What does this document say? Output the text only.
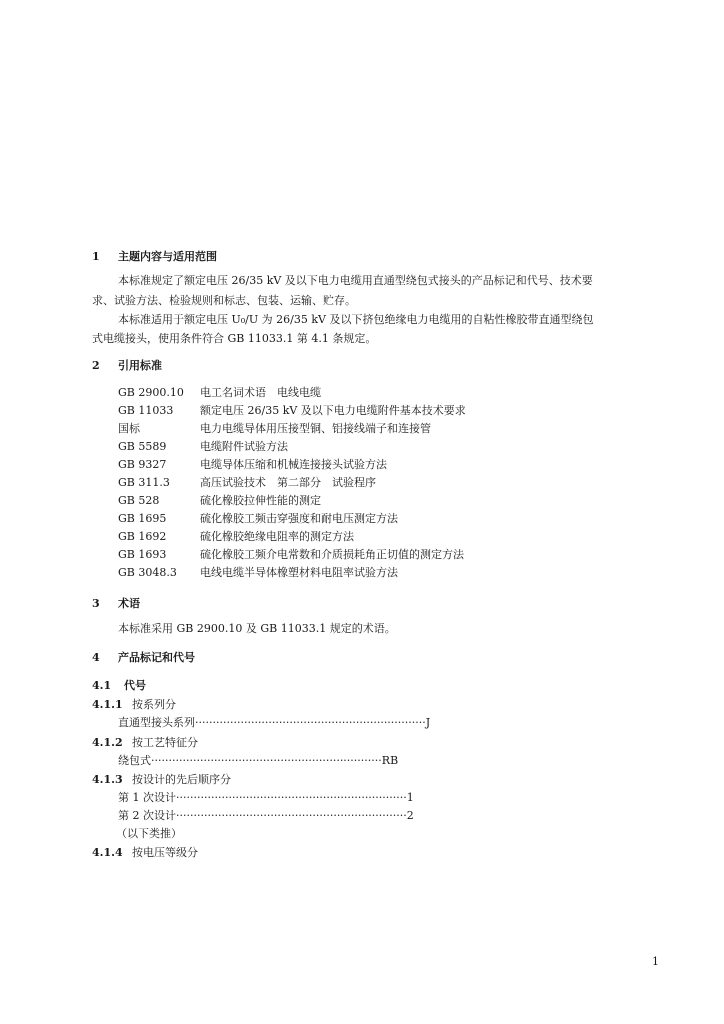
1 主题内容与适用范围
本标准规定了额定电压 26/35 kV 及以下电力电缆用直通型绕包式接头的产品标记和代号、技术要
求、试验方法、检验规则和标志、包装、运输、贮存。
本标准适用于额定电压 U₀/U 为 26/35 kV 及以下挤包绝缘电力电缆用的自粘性橡胶带直通型绕包
式电缆接头，使用条件符合 GB 11033.1 第 4.1 条规定。
2 引用标准
GB 2900.10 电工名词术语　电线电缆
GB 11033 额定电压 26/35 kV 及以下电力电缆附件基本技术要求
国标	电力电缆导体用压接型铜、铝接线端子和连接管
GB 5589	电缆附件试验方法
GB 9327	电缆导体压缩和机械连接接头试验方法
GB 311.3	高压试验技术　第二部分　试验程序
GB 528	硫化橡胶拉伸性能的测定
GB 1695	硫化橡胶工频击穿强度和耐电压测定方法
GB 1692	硫化橡胶绝缘电阻率的测定方法
GB 1693	硫化橡胶工频介电常数和介质损耗角正切值的测定方法
GB 3048.3 电线电缆半导体橡塑材料电阻率试验方法
3 术语
本标准采用 GB 2900.10 及 GB 11033.1 规定的术语。
4 产品标记和代号
4.1 代号
4.1.1 按系列分
直通型接头系列 ·································································· J
4.1.2 按工艺特征分
绕包式 ·································································· RB
4.1.3 按设计的先后顺序分
第 1 次设计 ·································································· 1
第 2 次设计 ·································································· 2
（以下类推）
4.1.4 按电压等级分
1
